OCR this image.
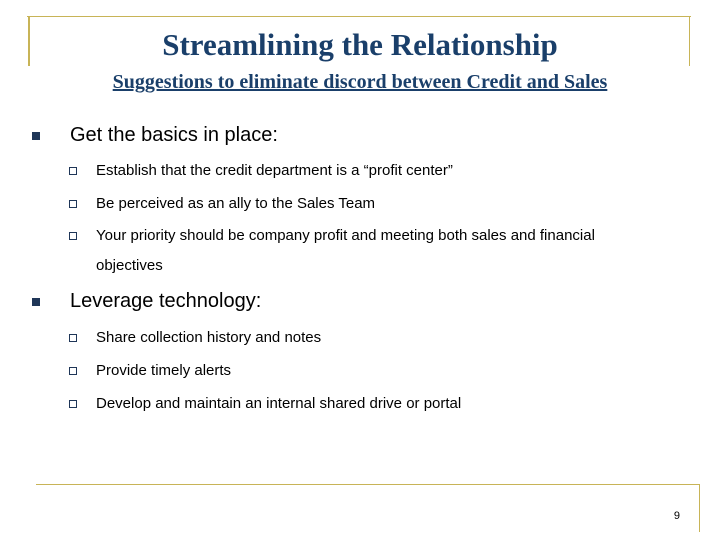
Streamlining the Relationship
Suggestions to eliminate discord between Credit and Sales
Get the basics in place:
Establish that the credit department is a “profit center”
Be perceived as an ally to the Sales Team
Your priority should be company profit and meeting both sales and financial
objectives
Leverage technology:
Share collection history and notes
Provide timely alerts
Develop and maintain an internal shared drive or portal
9
